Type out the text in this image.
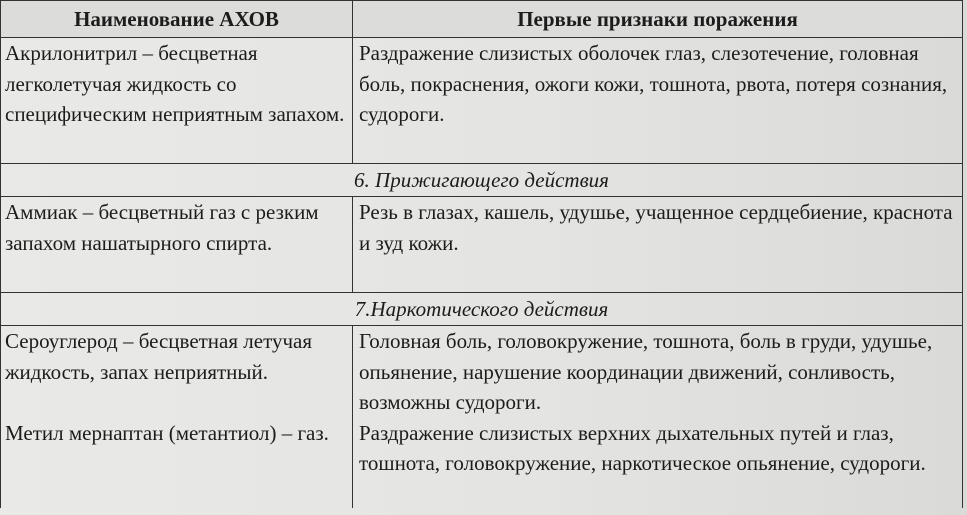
Наименование АХОВ	Первые признаки поражения
Акрилонитрил – бесцветная легколетучая жидкость со специфическим неприятным запахом.	Раздражение слизистых оболочек глаз, слезотечение, головная боль, покраснения, ожоги кожи, тошнота, рвота, потеря сознания, судороги.
6. Прижигающего действия	
Аммиак – бесцветный газ с резким запахом нашатырного спирта.	Резь в глазах, кашель, удушье, учащенное сердцебиение, краснота и зуд кожи.
7.Наркотического действия	
Сероуглерод – бесцветная летучая жидкость, запах неприятный.	Головная боль, головокружение, тошнота, боль в груди, удушье, опьянение, нарушение координации движений, сонливость, возможны судороги.
Метил мернаптан (метантиол) – газ.	Раздражение слизистых верхних дыхательных путей и глаз, тошнота, головокружение, наркотическое опьянение, судороги.
